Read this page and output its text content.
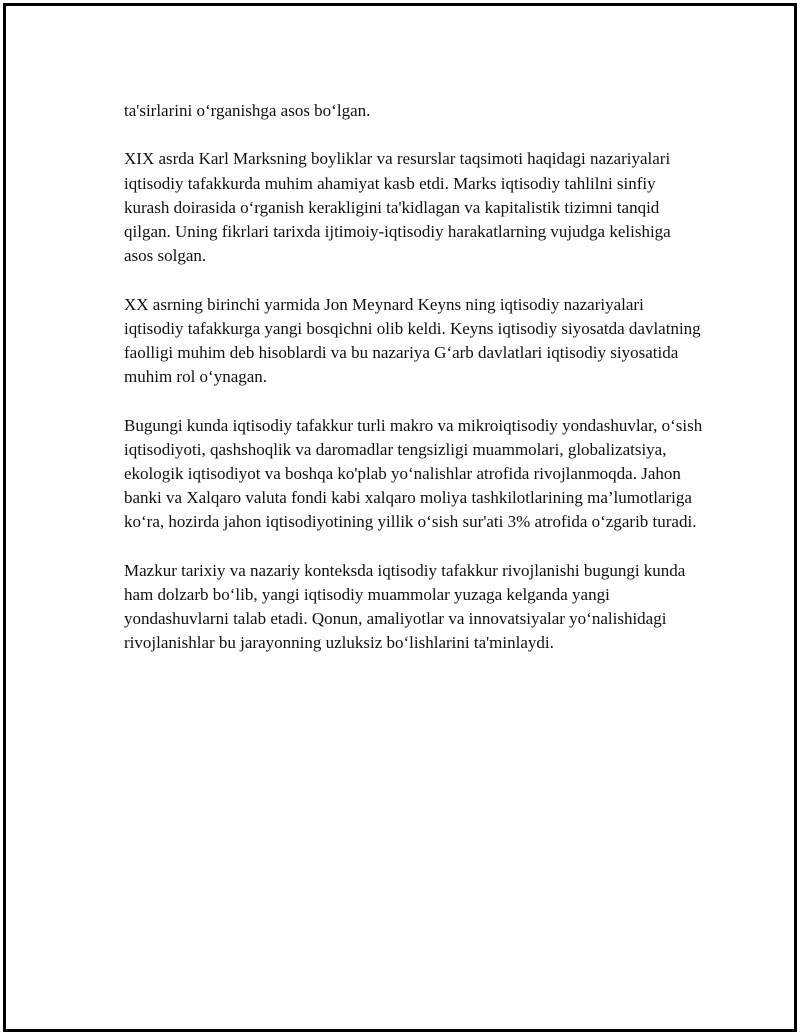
ta'sirlarini o‘rganishga asos bo‘lgan.

XIX asrda Karl Marksning boyliklar va resurslar taqsimoti haqidagi nazariyalari iqtisodiy tafakkurda muhim ahamiyat kasb etdi. Marks iqtisodiy tahlilni sinfiy kurash doirasida o‘rganish kerakligini ta'kidlagan va kapitalistik tizimni tanqid qilgan. Uning fikrlari tarixda ijtimoiy-iqtisodiy harakatlarning vujudga kelishiga asos solgan.

XX asrning birinchi yarmida Jon Meynard Keyns ning iqtisodiy nazariyalari iqtisodiy tafakkurga yangi bosqichni olib keldi. Keyns iqtisodiy siyosatda davlatning faolligi muhim deb hisoblardi va bu nazariya G‘arb davlatlari iqtisodiy siyosatida muhim rol o‘ynagan.

Bugungi kunda iqtisodiy tafakkur turli makro va mikroiqtisodiy yondashuvlar, o‘sish iqtisodiyoti, qashshoqlik va daromadlar tengsizligi muammolari, globalizatsiya, ekologik iqtisodiyot va boshqa ko'plab yo‘nalishlar atrofida rivojlanmoqda. Jahon banki va Xalqaro valuta fondi kabi xalqaro moliya tashkilotlarining ma’lumotlariga ko‘ra, hozirda jahon iqtisodiyotining yillik o‘sish sur'ati 3% atrofida o‘zgarib turadi.

Mazkur tarixiy va nazariy konteksda iqtisodiy tafakkur rivojlanishi bugungi kunda ham dolzarb bo‘lib, yangi iqtisodiy muammolar yuzaga kelganda yangi yondashuvlarni talab etadi. Qonun, amaliyotlar va innovatsiyalar yo‘nalishidagi rivojlanishlar bu jarayonning uzluksiz bo‘lishlarini ta'minlaydi.
